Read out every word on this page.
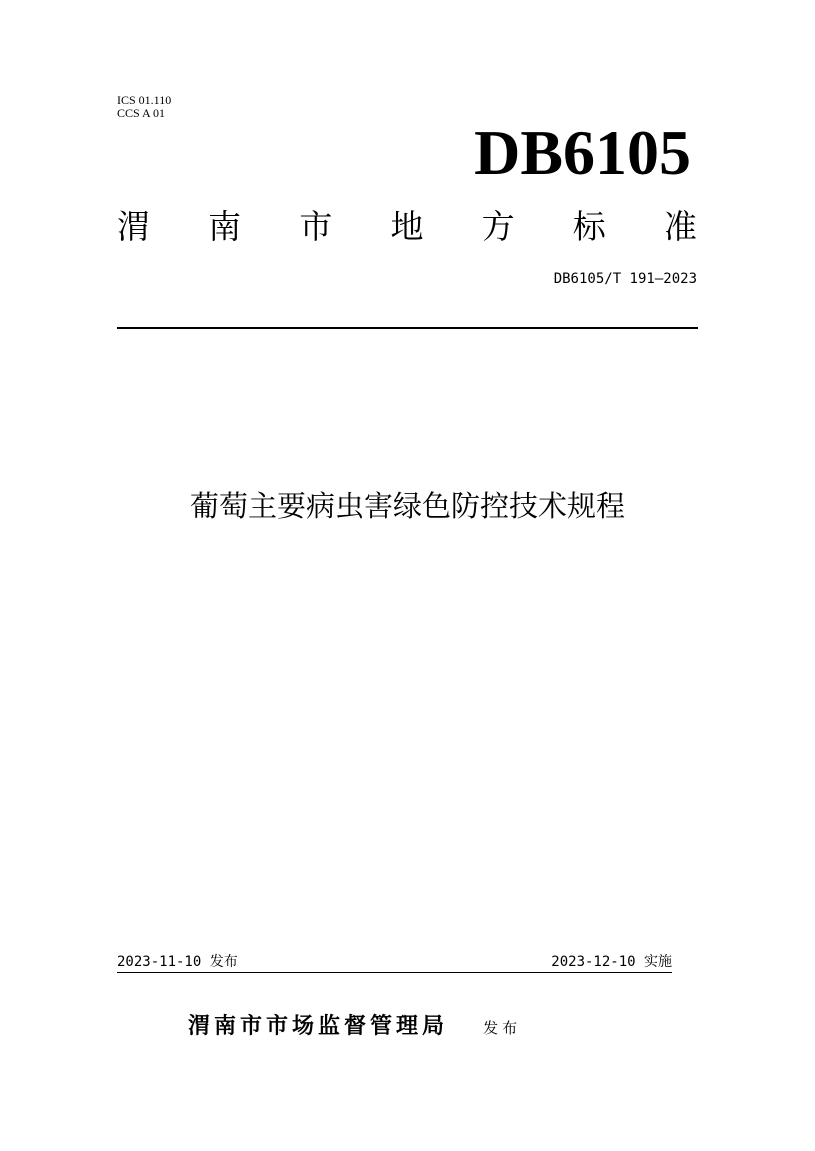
ICS 01.110
CCS A 01
DB6105
渭 南 市 地 方 标 准
DB6105/T 191—2023
葡萄主要病虫害绿色防控技术规程
2023-11-10 发布	2023-12-10 实施
渭南市市场监督管理局 发布
